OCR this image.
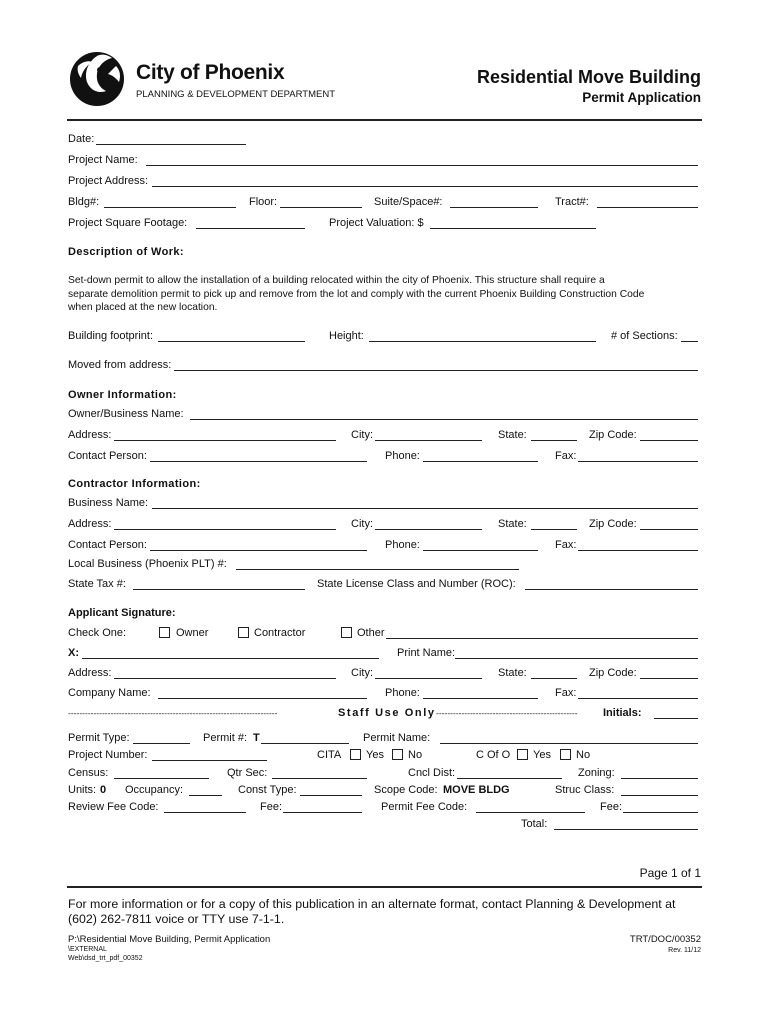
City of Phoenix
PLANNING & DEVELOPMENT DEPARTMENT
Residential Move Building
Permit Application
Date:
Project Name:
Project Address:
Bldg#:	Floor:	Suite/Space#:	Tract#:
Project Square Footage:	Project Valuation: $
Description of Work:
Set-down permit to allow the installation of a building relocated within the city of Phoenix. This structure shall require a
separate demolition permit to pick up and remove from the lot and comply with the current Phoenix Building Construction Code
when placed at the new location.
Building footprint:	Height:	# of Sections:
Moved from address:
Owner Information:
Owner/Business Name:
Address:	City:	State:	Zip Code:
Contact Person:	Phone:	Fax:
Contractor Information:
Business Name:
Address:	City:	State:	Zip Code:
Contact Person:	Phone:	Fax:
Local Business (Phoenix PLT) #:
State Tax #:	State License Class and Number (ROC):
Applicant Signature:
Check One:	Owner	Contractor	Other
X:	Print Name:
Address:	City:	State:	Zip Code:
Company Name:	Phone:	Fax:
--------------------------------------------------------------------------	Staff Use Only --------------------------------------------------	Initials:
Permit Type:	Permit #: T	Permit Name:
Project Number:	CITA Yes No	C Of O Yes No
Census:	Qtr Sec:	Cncl Dist:	Zoning:
Units: 0 Occupancy:	Const Type:	Scope Code: MOVE BLDG	Struc Class:
Review Fee Code:	Fee:	Permit Fee Code:	Fee:
Total:
Page 1 of 1
For more information or for a copy of this publication in an alternate format, contact Planning & Development at
(602) 262-7811 voice or TTY use 7-1-1.
P:\Residential Move Building, Permit Application
\EXTERNAL
Web\dsd_trt_pdf_00352
TRT/DOC/00352
Rev. 11/12
